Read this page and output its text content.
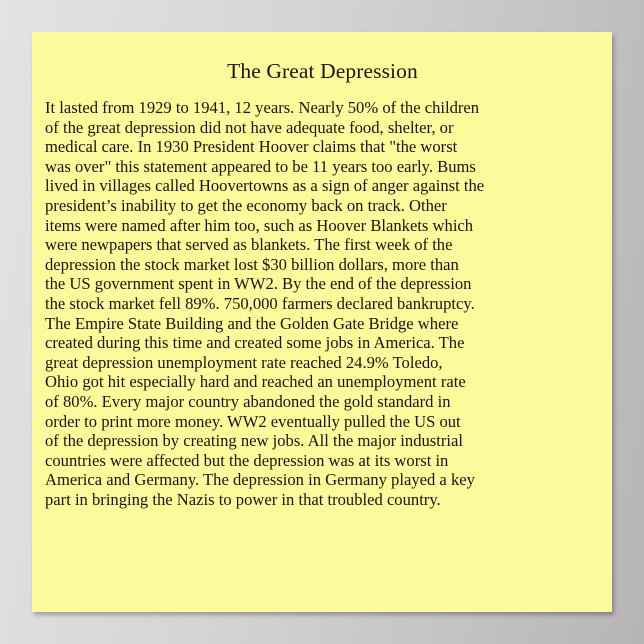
The Great Depression

It lasted from 1929 to 1941, 12 years. Nearly 50% of the children
of the great depression did not have adequate food, shelter, or
medical care. In 1930 President Hoover claims that "the worst
was over" this statement appeared to be 11 years too early. Bums
lived in villages called Hoovertowns as a sign of anger against the
president’s inability to get the economy back on track. Other
items were named after him too, such as Hoover Blankets which
were newpapers that served as blankets. The first week of the
depression the stock market lost $30 billion dollars, more than
the US government spent in WW2. By the end of the depression
the stock market fell 89%. 750,000 farmers declared bankruptcy.
The Empire State Building and the Golden Gate Bridge where
created during this time and created some jobs in America. The
great depression unemployment rate reached 24.9% Toledo,
Ohio got hit especially hard and reached an unemployment rate
of 80%. Every major country abandoned the gold standard in
order to print more money. WW2 eventually pulled the US out
of the depression by creating new jobs. All the major industrial
countries were affected but the depression was at its worst in
America and Germany. The depression in Germany played a key
part in bringing the Nazis to power in that troubled country.
